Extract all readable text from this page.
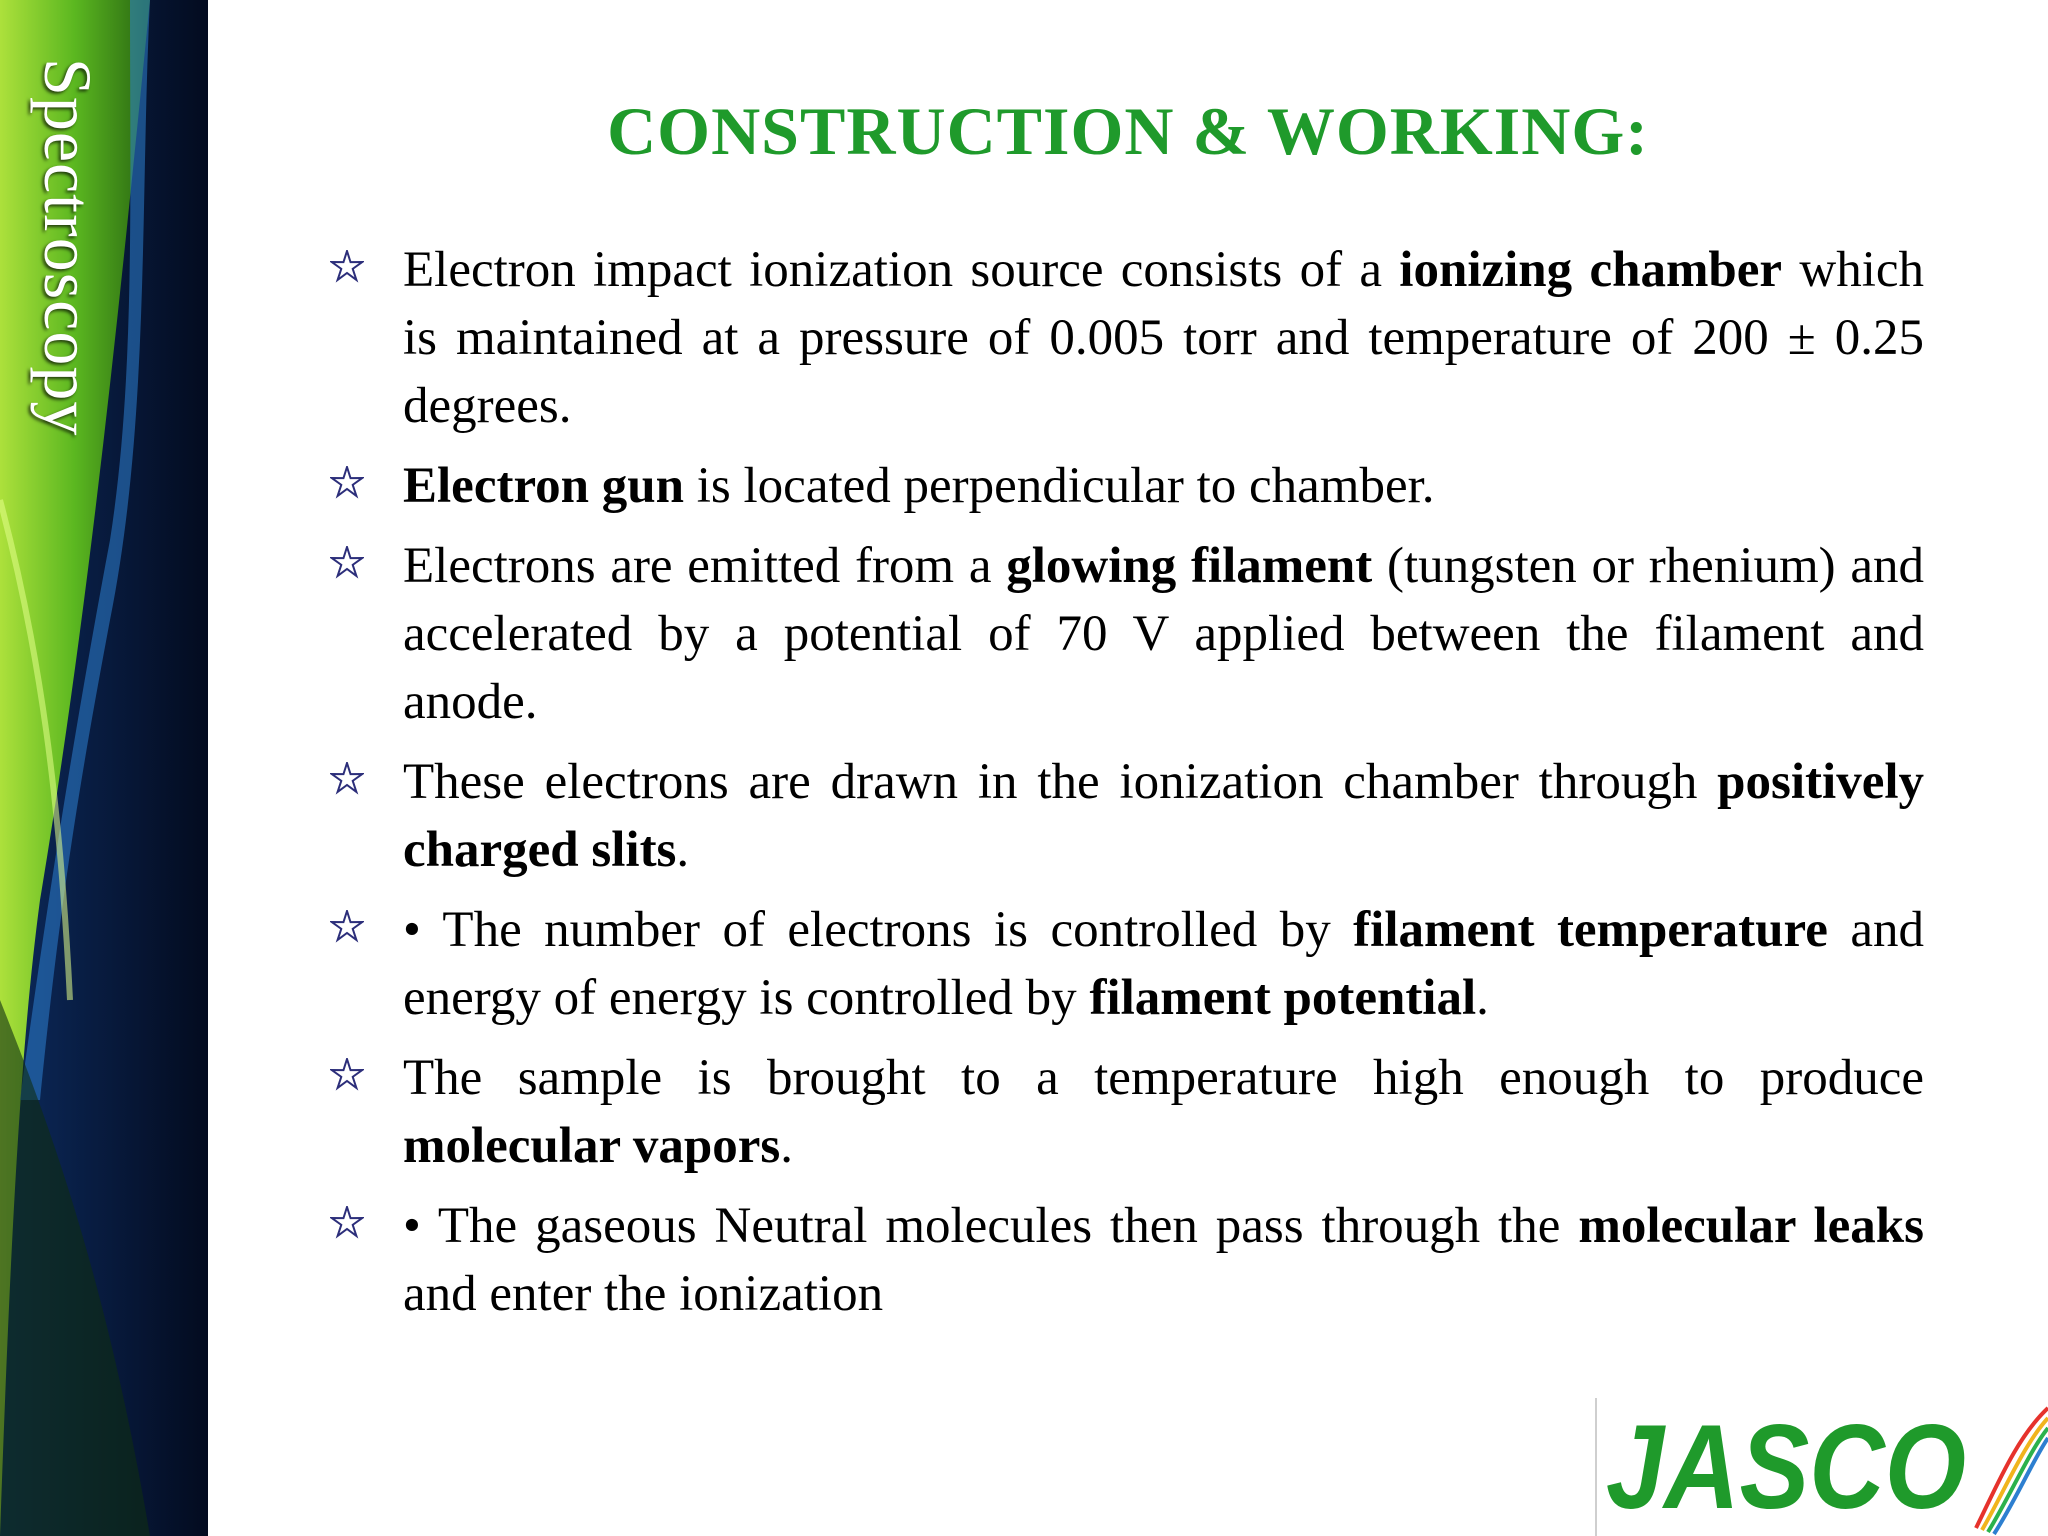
Spectroscopy	CONSTRUCTION & WORKING:
Electron impact ionization source consists of a ionizing chamber which is maintained at a pressure of 0.005 torr and temperature of 200 ± 0.25 degrees.
Electron gun is located perpendicular to chamber.
Electrons are emitted from a glowing filament (tungsten or rhenium) and accelerated by a potential of 70 V applied between the filament and anode.
These electrons are drawn in the ionization chamber through positively charged slits.
• The number of electrons is controlled by filament temperature and energy of energy is controlled by filament potential.
The sample is brought to a temperature high enough to produce molecular vapors.
• The gaseous Neutral molecules then pass through the molecular leaks and enter the ionization
JASCO
